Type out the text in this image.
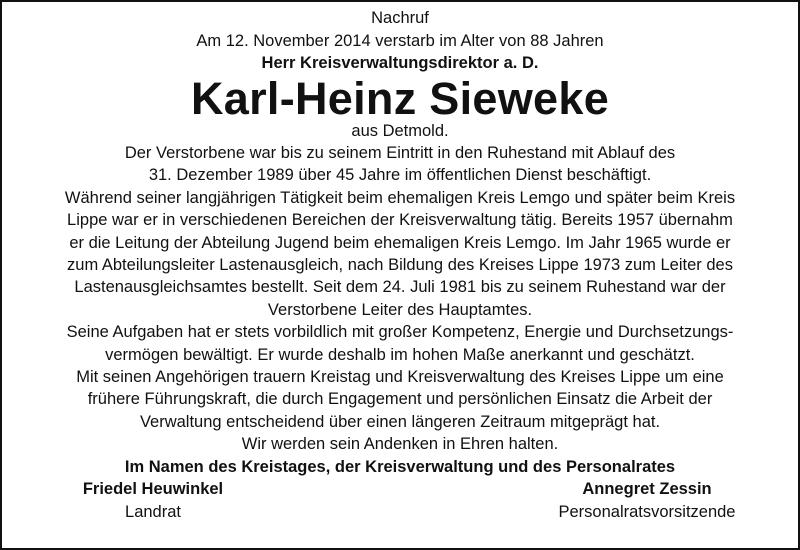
Nachruf

Am 12. November 2014 verstarb im Alter von 88 Jahren

Herr Kreisverwaltungsdirektor a. D.

Karl-Heinz Sieweke

aus Detmold.

Der Verstorbene war bis zu seinem Eintritt in den Ruhestand mit Ablauf des
31. Dezember 1989 über 45 Jahre im öffentlichen Dienst beschäftigt.
Während seiner langjährigen Tätigkeit beim ehemaligen Kreis Lemgo und später beim Kreis
Lippe war er in verschiedenen Bereichen der Kreisverwaltung tätig. Bereits 1957 übernahm
er die Leitung der Abteilung Jugend beim ehemaligen Kreis Lemgo. Im Jahr 1965 wurde er
zum Abteilungsleiter Lastenausgleich, nach Bildung des Kreises Lippe 1973 zum Leiter des
Lastenausgleichsamtes bestellt. Seit dem 24. Juli 1981 bis zu seinem Ruhestand war der
Verstorbene Leiter des Hauptamtes.
Seine Aufgaben hat er stets vorbildlich mit großer Kompetenz, Energie und Durchsetzungs-
vermögen bewältigt. Er wurde deshalb im hohen Maße anerkannt und geschätzt.
Mit seinen Angehörigen trauern Kreistag und Kreisverwaltung des Kreises Lippe um eine
frühere Führungskraft, die durch Engagement und persönlichen Einsatz die Arbeit der
Verwaltung entscheidend über einen längeren Zeitraum mitgeprägt hat.

Wir werden sein Andenken in Ehren halten.

Im Namen des Kreistages, der Kreisverwaltung und des Personalrates

Friedel Heuwinkel	Annegret Zessin
Landrat	Personalratsvorsitzende
